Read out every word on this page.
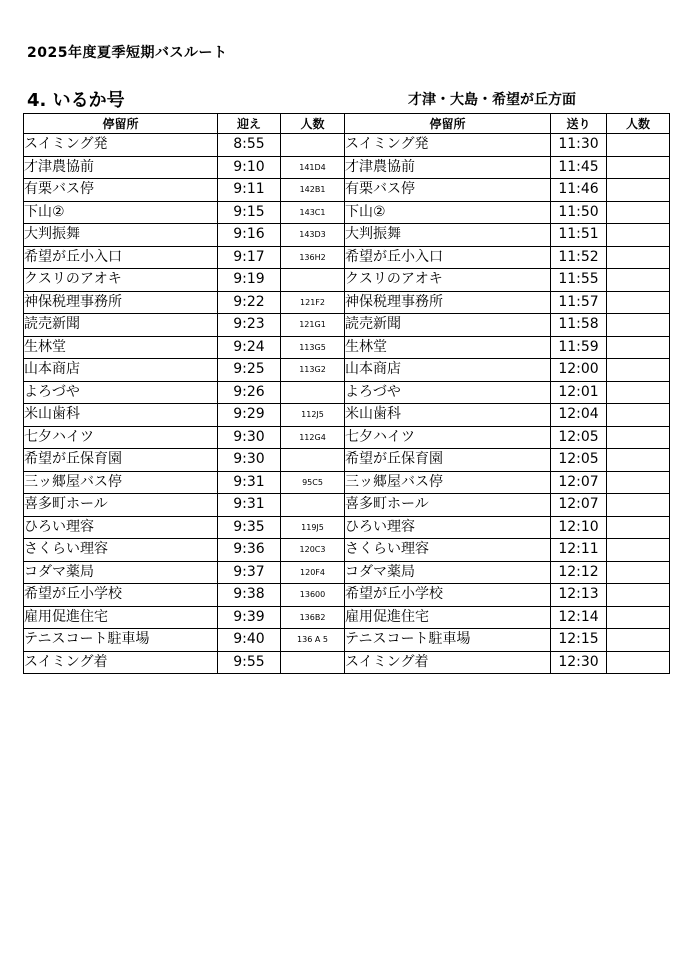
2025年度夏季短期バスルート
4. いるか号	才津・大島・希望が丘方面
停留所	迎え	人数	停留所	送り	人数
スイミング発	8:55		スイミング発	11:30	
才津農協前	9:10	141D4	才津農協前	11:45	
有栗バス停	9:11	142B1	有栗バス停	11:46	
下山②	9:15	143C1	下山②	11:50	
大判振舞	9:16	143D3	大判振舞	11:51	
希望が丘小入口	9:17	136H2	希望が丘小入口	11:52	
クスリのアオキ	9:19		クスリのアオキ	11:55	
神保税理事務所	9:22	121F2	神保税理事務所	11:57	
読売新聞	9:23	121G1	読売新聞	11:58	
生林堂	9:24	113G5	生林堂	11:59	
山本商店	9:25	113G2	山本商店	12:00	
よろづや	9:26		よろづや	12:01	
米山歯科	9:29	112J5	米山歯科	12:04	
七夕ハイツ	9:30	112G4	七夕ハイツ	12:05	
希望が丘保育園	9:30		希望が丘保育園	12:05	
三ッ郷屋バス停	9:31	95C5	三ッ郷屋バス停	12:07	
喜多町ホール	9:31		喜多町ホール	12:07	
ひろい理容	9:35	119J5	ひろい理容	12:10	
さくらい理容	9:36	120C3	さくらい理容	12:11	
コダマ薬局	9:37	120F4	コダマ薬局	12:12	
希望が丘小学校	9:38	13600	希望が丘小学校	12:13	
雇用促進住宅	9:39	136B2	雇用促進住宅	12:14	
テニスコート駐車場	9:40	136 A 5	テニスコート駐車場	12:15	
スイミング着	9:55		スイミング着	12:30	
